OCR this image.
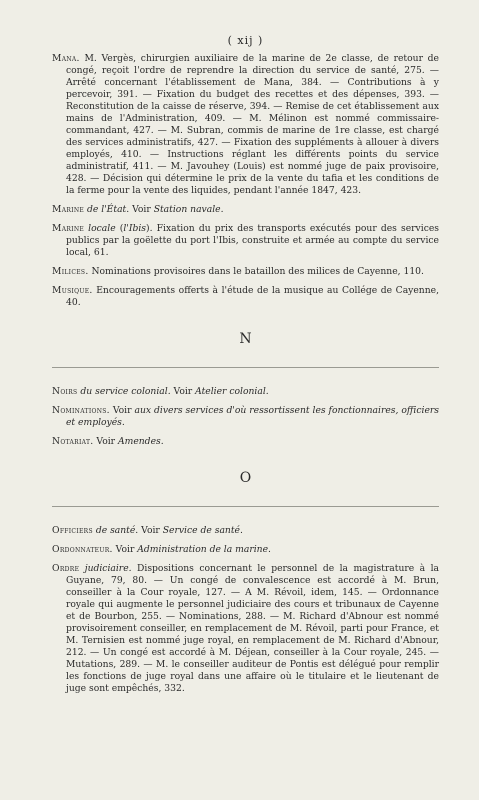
( xij )

Mana. M. Vergès, chirurgien auxiliaire de la marine de 2e classe, de retour de congé, reçoit l'ordre de reprendre la direction du service de santé, 275. — Arrêté concernant l'établissement de Mana, 384. — Contributions à y percevoir, 391. — Fixation du budget des recettes et des dépenses, 393. — Reconstitution de la caisse de réserve, 394. — Remise de cet établissement aux mains de l'Administration, 409. — M. Mélinon est nommé commissaire-commandant, 427. — M. Subran, commis de marine de 1re classe, est chargé des services administratifs, 427. — Fixation des suppléments à allouer à divers employés, 410. — Instructions réglant les différents points du service administratif, 411. — M. Javouhey (Louis) est nommé juge de paix provisoire, 428. — Décision qui détermine le prix de la vente du tafia et les conditions de la ferme pour la vente des liquides, pendant l'année 1847, 423.

Marine de l'État. Voir Station navale.

Marine locale (l'Ibis). Fixation du prix des transports exécutés pour des services publics par la goëlette du port l'Ibis, construite et armée au compte du service local, 61.

Milices. Nominations provisoires dans le bataillon des milices de Cayenne, 110.

Musique. Encouragements offerts à l'étude de la musique au Collége de Cayenne, 40.

N

Noirs du service colonial. Voir Atelier colonial.

Nominations. Voir aux divers services d'où ressortissent les fonctionnaires, officiers et employés.

Notariat. Voir Amendes.

O

Officiers de santé. Voir Service de santé.

Ordonnateur. Voir Administration de la marine.

Ordre judiciaire. Dispositions concernant le personnel de la magistrature à la Guyane, 79, 80. — Un congé de convalescence est accordé à M. Brun, conseiller à la Cour royale, 127. — A M. Révoil, idem, 145. — Ordonnance royale qui augmente le personnel judiciaire des cours et tribunaux de Cayenne et de Bourbon, 255. — Nominations, 288. — M. Richard d'Abnour est nommé provisoirement conseiller, en remplacement de M. Révoil, parti pour France, et M. Ternisien est nommé juge royal, en remplacement de M. Richard d'Abnour, 212. — Un congé est accordé à M. Déjean, conseiller à la Cour royale, 245. — Mutations, 289. — M. le conseiller auditeur de Pontis est délégué pour remplir les fonctions de juge royal dans une affaire où le titulaire et le lieutenant de juge sont empêchés, 332.
